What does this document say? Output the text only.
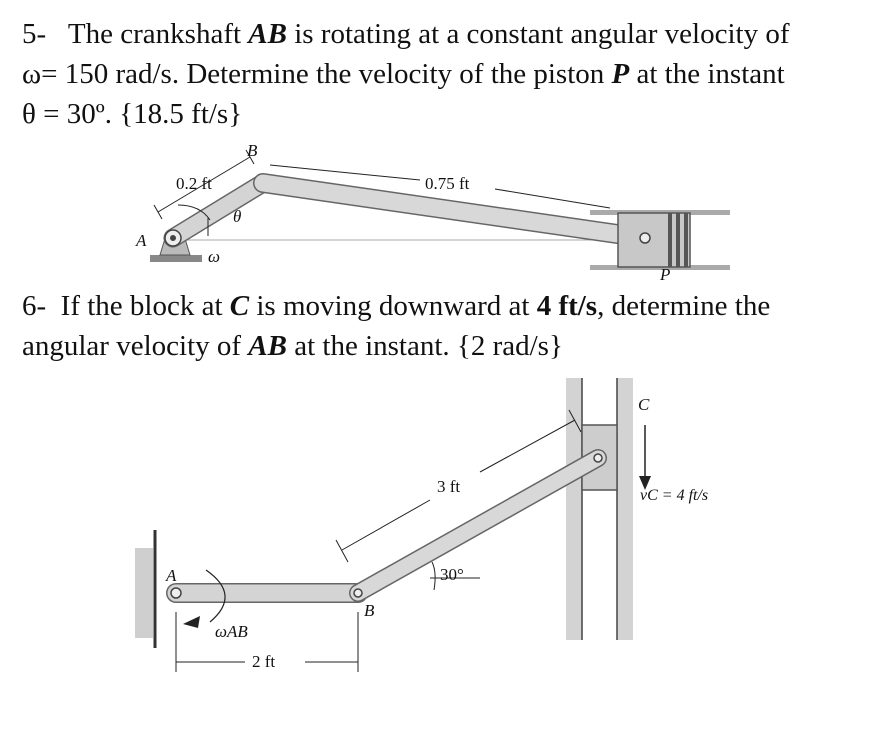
5- The crankshaft AB is rotating at a constant angular velocity of
ω= 150 rad/s. Determine the velocity of the piston P at the instant
θ = 30º. {18.5 ft/s}
6- If the block at C is moving downward at 4 ft/s, determine the
angular velocity of AB at the instant. {2 rad/s}
A
B
P
θ
ω
0.2 ft	0.75 ft
A
B
C
3 ft
2 ft
30°
ωAB
vC = 4 ft/s
